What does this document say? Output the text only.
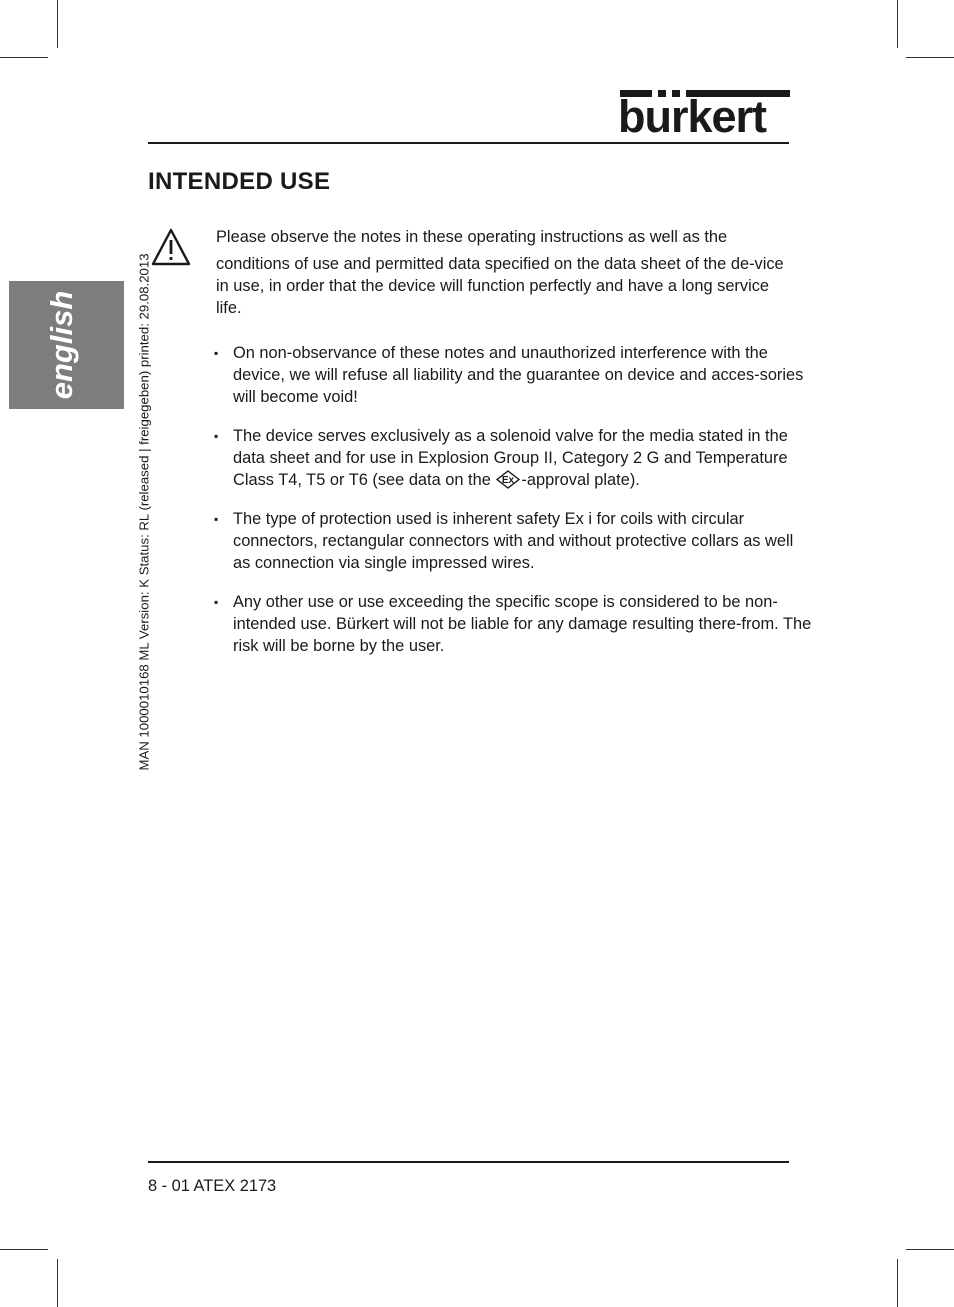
burkert
INTENDED USE
english	MAN 1000010168 ML Version: K Status: RL (released | freigegeben) printed: 29.08.2013

Please observe the notes in these operating instructions as well as the

conditions of use and permitted data specified on the data sheet of the de-vice in use, in order that the device will function perfectly and have a long service life.

▪ On non-observance of these notes and unauthorized interference with the device, we will refuse all liability and the guarantee on device and acces-sories will become void!
▪ The device serves exclusively as a solenoid valve for the media stated in the data sheet and for use in Explosion Group II, Category 2 G and Temperature Class T4, T5 or T6 (see data on the Ex -approval plate).
▪ The type of protection used is inherent safety Ex i for coils with circular connectors, rectangular connectors with and without protective collars as well as connection via single impressed wires.
▪ Any other use or use exceeding the specific scope is considered to be non-intended use. Bürkert will not be liable for any damage resulting there-from. The risk will be borne by the user.
8 - 01 ATEX 2173
